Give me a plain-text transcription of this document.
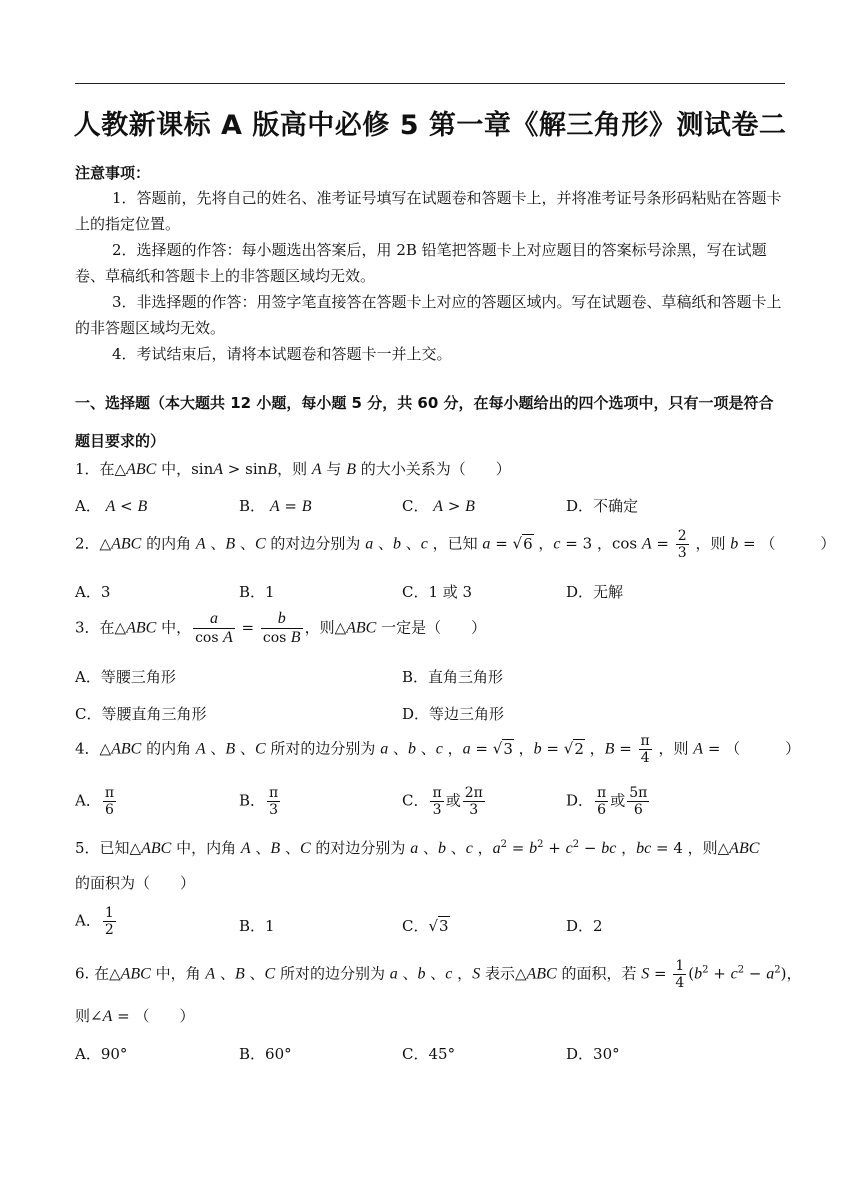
人教新课标 A 版高中必修 5 第一章《解三角形》测试卷二
注意事项：
1．答题前，先将自己的姓名、准考证号填写在试题卷和答题卡上，并将准考证号条形码粘贴在答题卡上的指定位置。
2．选择题的作答：每小题选出答案后，用 2B 铅笔把答题卡上对应题目的答案标号涂黑，写在试题卷、草稿纸和答题卡上的非答题区域均无效。
3．非选择题的作答：用签字笔直接答在答题卡上对应的答题区域内。写在试题卷、草稿纸和答题卡上的非答题区域均无效。
4．考试结束后，请将本试题卷和答题卡一并上交。
一、选择题（本大题共 12 小题，每小题 5 分，共 60 分，在每小题给出的四个选项中，只有一项是符合题目要求的）
1．在△ABC 中，sinA > sinB，则 A 与 B 的大小关系为（　　）
A． A < B	B． A = B	C． A > B	D．不确定
2．△ABC 的内角 A 、B 、C 的对边分别为 a 、b 、c ，已知 a = √6 ，c = 3 ，$\cos A = \frac{2}{3}$ ，则 b = （　　　）
A．3	B．1	C．1 或 3	D．无解
3．在△ABC 中， $\frac{a}{\text{cos A}} = \frac{b}{\text{cos B}}$ ，则△ABC 一定是（　　）
A．等腰三角形	B．直角三角形
C．等腰直角三角形	D．等边三角形
4．△ABC 的内角 A 、B 、C 所对的边分别为 a 、b 、c ，a = √3 ，b = √2 ，$B = \frac{\pi}{4}$ ，则 A = （　　　）
A． $\frac{\pi}{6}$	B． $\frac{\pi}{3}$	C． $\frac{\pi}{3}$ 或 $\frac{2\pi}{3}$	D． $\frac{\pi}{6}$ 或 $\frac{5\pi}{6}$
5．已知△ABC 中，内角 A 、B 、C 的对边分别为 a 、b 、c ，$a^2 = b^2 + c^2$ − bc ，bc = 4 ，则△ABC
的面积为（　　）
A． $\frac{1}{2}$	B．1	C．√3	D．2
6. 在△ABC 中，角 A 、B 、C 所对的边分别为 a 、b 、c ，S 表示△ABC 的面积，若 $S = \frac{1}{4} (b^2 + c^2 - a^2)$，
则∠A = （　　）
A．90°	B．60°	C．45°	D．30°
